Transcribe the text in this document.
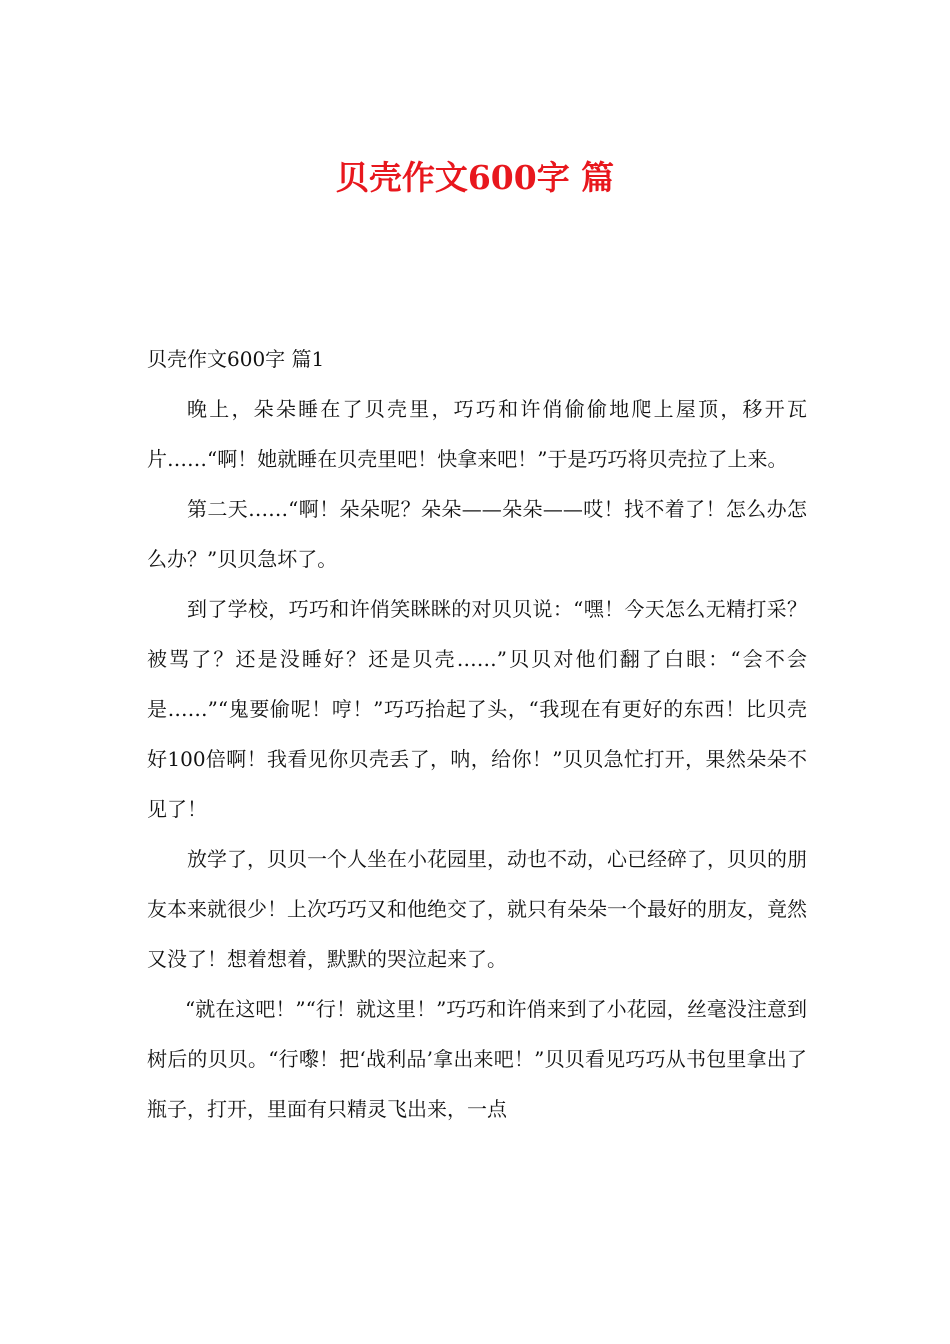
贝壳作文600字 篇

贝壳作文600字 篇1

晚上，朵朵睡在了贝壳里，巧巧和许俏偷偷地爬上屋顶，移开瓦片……“啊！她就睡在贝壳里吧！快拿来吧！”于是巧巧将贝壳拉了上来。

第二天……“啊！朵朵呢？朵朵——朵朵——哎！找不着了！怎么办怎么办？”贝贝急坏了。

到了学校，巧巧和许俏笑眯眯的对贝贝说：“嘿！今天怎么无精打采？被骂了？还是没睡好？还是贝壳……”贝贝对他们翻了白眼：“会不会是……”“鬼要偷呢！哼！”巧巧抬起了头，“我现在有更好的东西！比贝壳好100倍啊！我看见你贝壳丢了，呐，给你！”贝贝急忙打开，果然朵朵不见了！

放学了，贝贝一个人坐在小花园里，动也不动，心已经碎了，贝贝的朋友本来就很少！上次巧巧又和他绝交了，就只有朵朵一个最好的朋友，竟然又没了！想着想着，默默的哭泣起来了。

“就在这吧！”“行！就这里！”巧巧和许俏来到了小花园，丝毫没注意到树后的贝贝。“行嚟！把‘战利品’拿出来吧！”贝贝看见巧巧从书包里拿出了瓶子，打开，里面有只精灵飞出来，一点
